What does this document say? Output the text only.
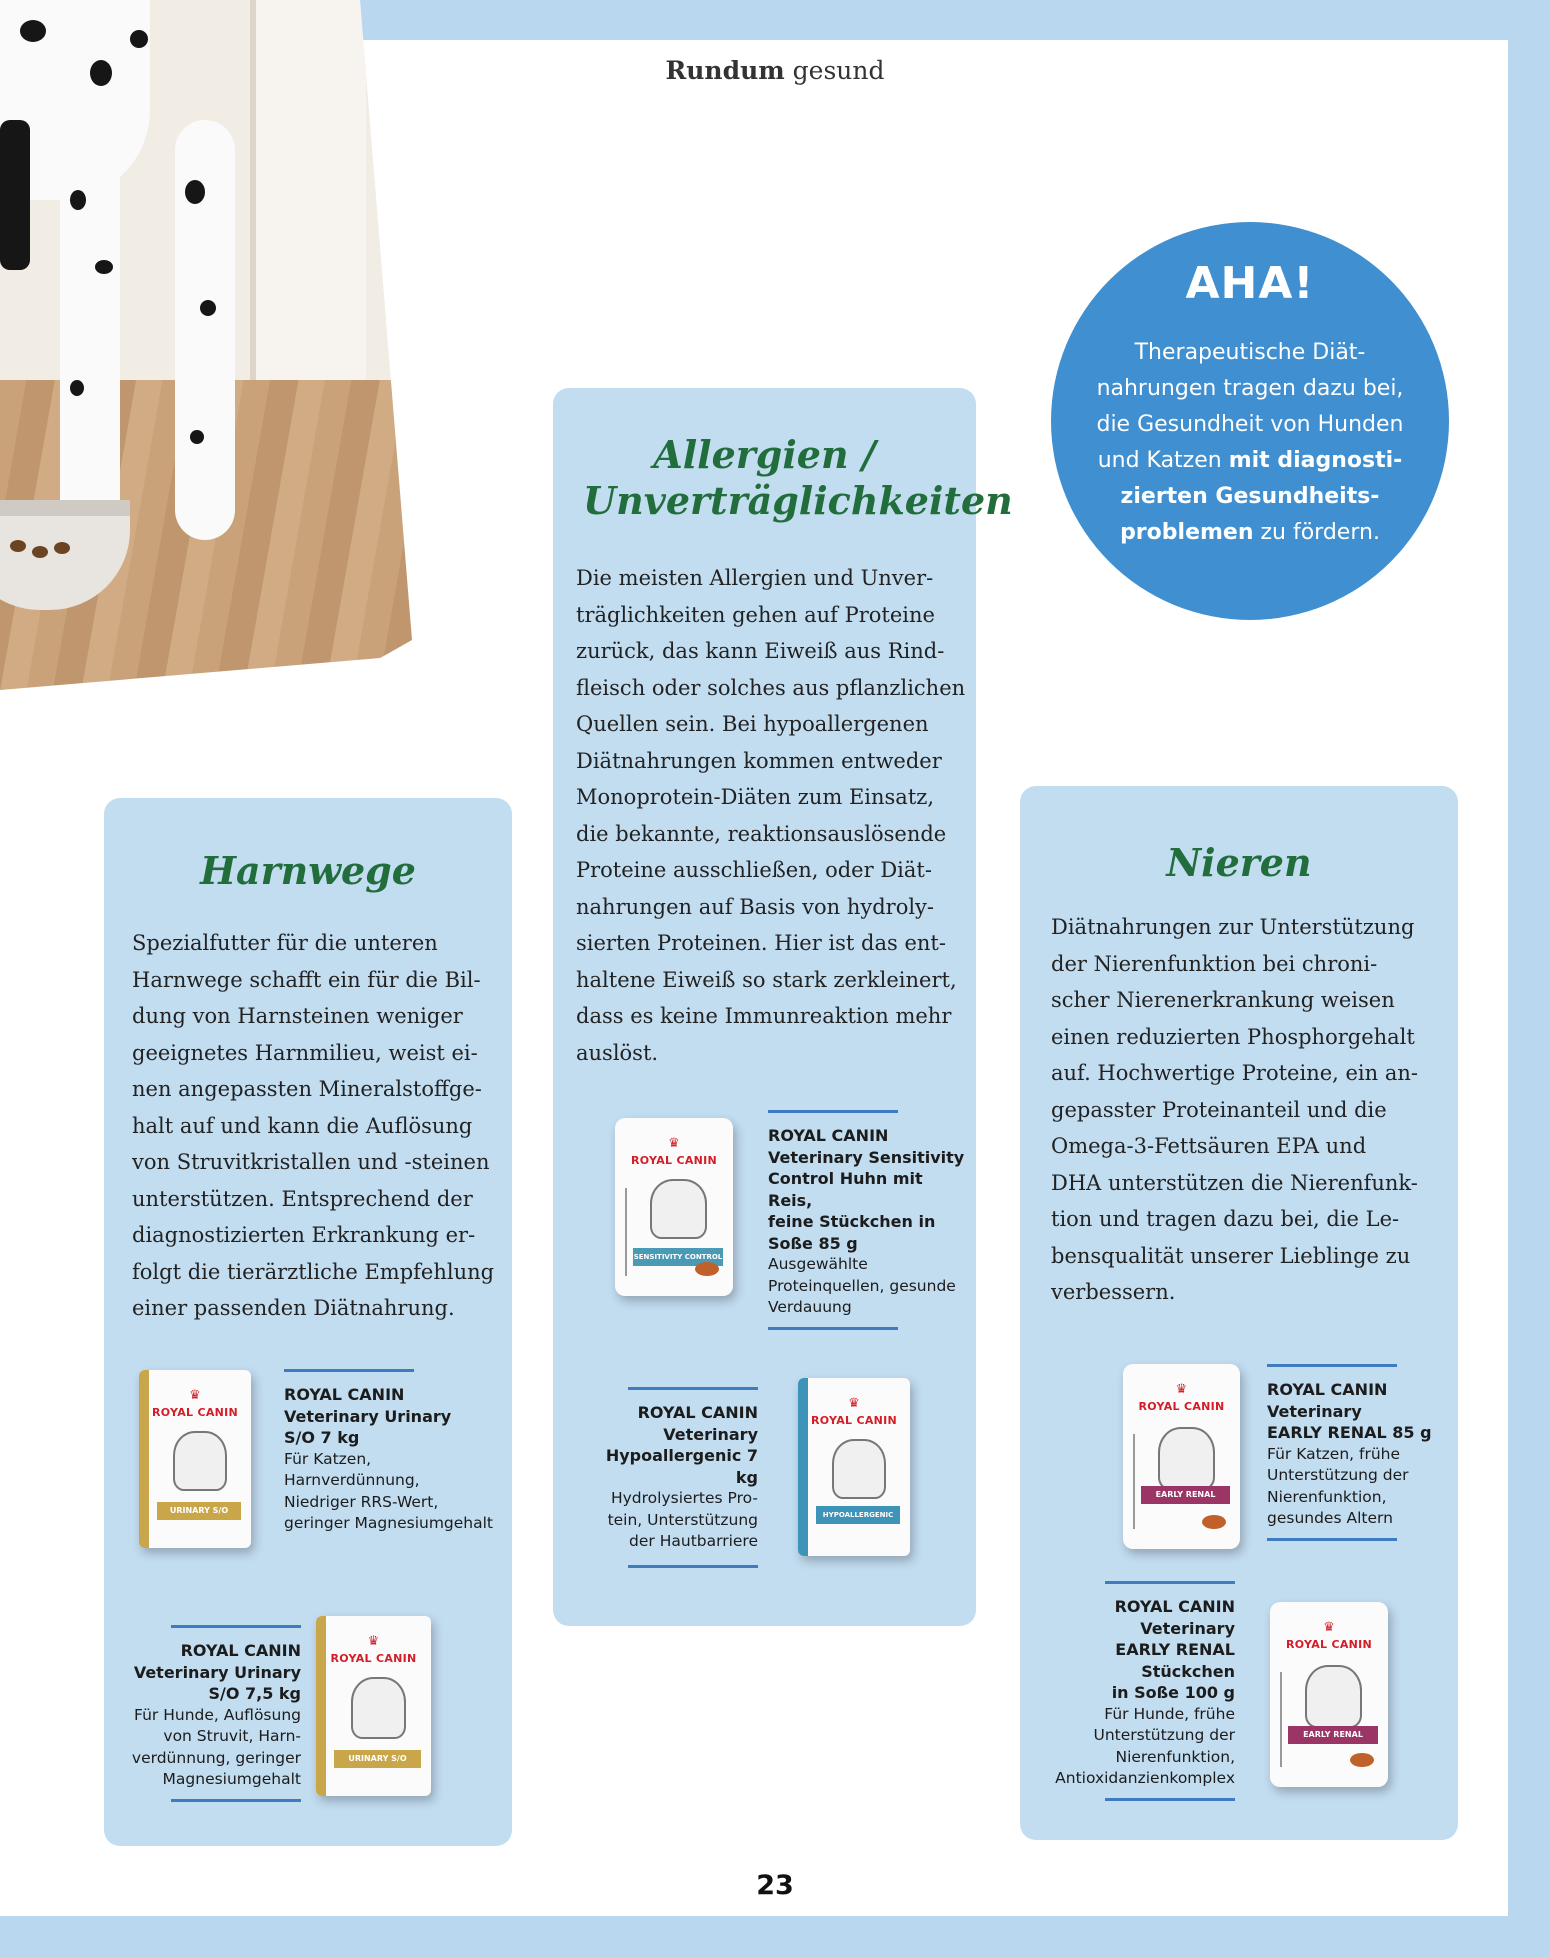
Rundum gesund
AHA!
Therapeutische Diät-nahrungen tragen dazu bei, die Gesundheit von Hunden und Katzen mit diagnosti-zierten Gesundheits-problemen zu fördern.
Allergien / Unverträglichkeiten
Die meisten Allergien und Unver-
träglichkeiten gehen auf Proteine
zurück, das kann Eiweiß aus Rind-
fleisch oder solches aus pflanzlichen
Quellen sein. Bei hypoallergenen
Diätnahrungen kommen entweder
Monoprotein-Diäten zum Einsatz,
die bekannte, reaktionsauslösende
Proteine ausschließen, oder Diät-
nahrungen auf Basis von hydroly-
sierten Proteinen. Hier ist das ent-
haltene Eiweiß so stark zerkleinert,
dass es keine Immunreaktion mehr
auslöst.
♛
ROYAL CANIN
SENSITIVITY CONTROL
ROYAL CANIN
Veterinary Sensitivity
Control Huhn mit Reis,
feine Stückchen in
Soße 85 g
Ausgewählte
Proteinquellen, gesunde
Verdauung
ROYAL CANIN
Veterinary
Hypoallergenic 7 kg
Hydrolysiertes Pro-
tein, Unterstützung
der Hautbarriere
♛
ROYAL CANIN
HYPOALLERGENIC
Harnwege
Spezialfutter für die unteren
Harnwege schafft ein für die Bil-
dung von Harnsteinen weniger
geeignetes Harnmilieu, weist ei-
nen angepassten Mineralstoffge-
halt auf und kann die Auflösung
von Struvitkristallen und -steinen
unterstützen. Entsprechend der
diagnostizierten Erkrankung er-
folgt die tierärztliche Empfehlung
einer passenden Diätnahrung.
♛
ROYAL CANIN
URINARY S/O
ROYAL CANIN
Veterinary Urinary
S/O 7 kg
Für Katzen,
Harnverdünnung,
Niedriger RRS-Wert,
geringer Magnesiumgehalt
ROYAL CANIN
Veterinary Urinary
S/O 7,5 kg
Für Hunde, Auflösung
von Struvit, Harn-
verdünnung, geringer
Magnesiumgehalt
♛
ROYAL CANIN
URINARY S/O
Nieren
Diätnahrungen zur Unterstützung
der Nierenfunktion bei chroni-
scher Nierenerkrankung weisen
einen reduzierten Phosphorgehalt
auf. Hochwertige Proteine, ein an-
gepasster Proteinanteil und die
Omega-3-Fettsäuren EPA und
DHA unterstützen die Nierenfunk-
tion und tragen dazu bei, die Le-
bensqualität unserer Lieblinge zu
verbessern.
♛
ROYAL CANIN
EARLY RENAL
ROYAL CANIN
Veterinary
EARLY RENAL 85 g
Für Katzen, frühe
Unterstützung der
Nierenfunktion,
gesundes Altern
ROYAL CANIN
Veterinary
EARLY RENAL
Stückchen
in Soße 100 g
Für Hunde, frühe
Unterstützung der
Nierenfunktion,
Antioxidanzienkomplex
♛
ROYAL CANIN
EARLY RENAL
23
